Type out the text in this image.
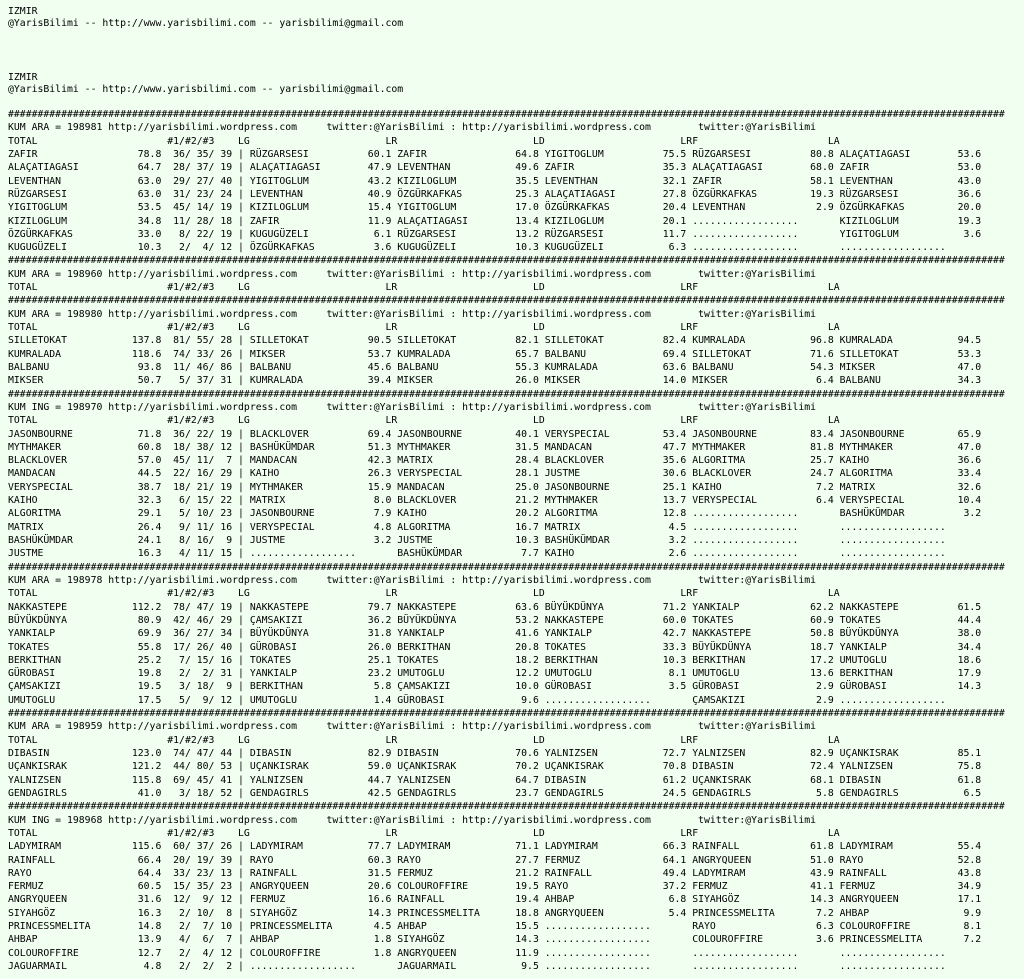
IZMIR
@YarisBilimi -- http://www.yarisbilimi.com -- yarisbilimi@gmail.com
IZMIR
@YarisBilimi -- http://www.yarisbilimi.com -- yarisbilimi@gmail.com
#########################################################################################################################################################################
KUM ARA = 198981 http://yarisbilimi.wordpress.com     twitter:@YarisBilimi : http://yarisbilimi.wordpress.com        twitter:@YarisBilimi
TOTAL                      #1/#2/#3    LG                       LR                       LD                       LRF                      LA
ZAFIR                 78.8  36/ 35/ 39 | RÜZGARSESI          60.1 ZAFIR               64.8 YIGITOGLUM          75.5 RÜZGARSESI          80.8 ALAÇATIAGASI        53.6
ALAÇATIAGASI          64.7  28/ 37/ 19 | ALAÇATIAGASI        47.9 LEVENTHAN           49.6 ZAFIR               35.3 ALAÇATIAGASI        68.0 ZAFIR               53.0
LEVENTHAN             63.0  29/ 27/ 40 | YIGITOGLUM          43.2 KIZILOGLUM          35.5 LEVENTHAN           32.1 ZAFIR               58.1 LEVENTHAN           43.0
RÜZGARSESI            63.0  31/ 23/ 24 | LEVENTHAN           40.9 ÖZGÜRKAFKAS         25.3 ALAÇATIAGASI        27.8 ÖZGÜRKAFKAS         19.3 RÜZGARSESI          36.6
YIGITOGLUM            53.5  45/ 14/ 19 | KIZILOGLUM          15.4 YIGITOGLUM          17.0 ÖZGÜRKAFKAS         20.4 LEVENTHAN            2.9 ÖZGÜRKAFKAS         20.0
KIZILOGLUM            34.8  11/ 28/ 18 | ZAFIR               11.9 ALAÇATIAGASI        13.4 KIZILOGLUM          20.1 ..................       KIZILOGLUM          19.3
ÖZGÜRKAFKAS           33.0   8/ 22/ 19 | KUGUGÜZELI           6.1 RÜZGARSESI          13.2 RÜZGARSESI          11.7 ..................       YIGITOGLUM           3.6
KUGUGÜZELI            10.3   2/  4/ 12 | ÖZGÜRKAFKAS          3.6 KUGUGÜZELI          10.3 KUGUGÜZELI           6.3 ..................       ..................
#########################################################################################################################################################################
KUM ARA = 198960 http://yarisbilimi.wordpress.com     twitter:@YarisBilimi : http://yarisbilimi.wordpress.com        twitter:@YarisBilimi
TOTAL                      #1/#2/#3    LG                       LR                       LD                       LRF                      LA
#########################################################################################################################################################################
KUM ARA = 198980 http://yarisbilimi.wordpress.com     twitter:@YarisBilimi : http://yarisbilimi.wordpress.com        twitter:@YarisBilimi
TOTAL                      #1/#2/#3    LG                       LR                       LD                       LRF                      LA
SILLETOKAT           137.8  81/ 55/ 28 | SILLETOKAT          90.5 SILLETOKAT          82.1 SILLETOKAT          82.4 KUMRALADA           96.8 KUMRALADA           94.5
KUMRALADA            118.6  74/ 33/ 26 | MIKSER              53.7 KUMRALADA           65.7 BALBANU             69.4 SILLETOKAT          71.6 SILLETOKAT          53.3
BALBANU               93.8  11/ 46/ 86 | BALBANU             45.6 BALBANU             55.3 KUMRALADA           63.6 BALBANU             54.3 MIKSER              47.0
MIKSER                50.7   5/ 37/ 31 | KUMRALADA           39.4 MIKSER              26.0 MIKSER              14.0 MIKSER               6.4 BALBANU             34.3
#########################################################################################################################################################################
KUM ING = 198970 http://yarisbilimi.wordpress.com     twitter:@YarisBilimi : http://yarisbilimi.wordpress.com        twitter:@YarisBilimi
TOTAL                      #1/#2/#3    LG                       LR                       LD                       LRF                      LA
JASONBOURNE           71.8  36/ 22/ 19 | BLACKLOVER          69.4 JASONBOURNE         40.1 VERYSPECIAL         53.4 JASONBOURNE         83.4 JASONBOURNE         65.9
MYTHMAKER             60.8  18/ 38/ 12 | BASHÜKÜMDAR         51.3 MYTHMAKER           31.5 MANDACAN            47.7 MYTHMAKER           81.8 MYTHMAKER           47.0
BLACKLOVER            57.0  45/ 11/  7 | MANDACAN            42.3 MATRIX              28.4 BLACKLOVER          35.6 ALGORITMA           25.7 KAIHO               36.6
MANDACAN              44.5  22/ 16/ 29 | KAIHO               26.3 VERYSPECIAL         28.1 JUSTME              30.6 BLACKLOVER          24.7 ALGORITMA           33.4
VERYSPECIAL           38.7  18/ 21/ 19 | MYTHMAKER           15.9 MANDACAN            25.0 JASONBOURNE         25.1 KAIHO                7.2 MATRIX              32.6
KAIHO                 32.3   6/ 15/ 22 | MATRIX               8.0 BLACKLOVER          21.2 MYTHMAKER           13.7 VERYSPECIAL          6.4 VERYSPECIAL         10.4
ALGORITMA             29.1   5/ 10/ 23 | JASONBOURNE          7.9 KAIHO               20.2 ALGORITMA           12.8 ..................       BASHÜKÜMDAR          3.2
MATRIX                26.4   9/ 11/ 16 | VERYSPECIAL          4.8 ALGORITMA           16.7 MATRIX               4.5 ..................       ..................
BASHÜKÜMDAR           24.1   8/ 16/  9 | JUSTME               3.2 JUSTME              10.3 BASHÜKÜMDAR          3.2 ..................       ..................
JUSTME                16.3   4/ 11/ 15 | ..................       BASHÜKÜMDAR          7.7 KAIHO                2.6 ..................       ..................
#########################################################################################################################################################################
KUM ARA = 198978 http://yarisbilimi.wordpress.com     twitter:@YarisBilimi : http://yarisbilimi.wordpress.com        twitter:@YarisBilimi
TOTAL                      #1/#2/#3    LG                       LR                       LD                       LRF                      LA
NAKKASTEPE           112.2  78/ 47/ 19 | NAKKASTEPE          79.7 NAKKASTEPE          63.6 BÜYÜKDÜNYA          71.2 YANKIALP            62.2 NAKKASTEPE          61.5
BÜYÜKDÜNYA            80.9  42/ 46/ 29 | ÇAMSAKIZI           36.2 BÜYÜKDÜNYA          53.2 NAKKASTEPE          60.0 TOKATES             60.9 TOKATES             44.4
YANKIALP              69.9  36/ 27/ 34 | BÜYÜKDÜNYA          31.8 YANKIALP            41.6 YANKIALP            42.7 NAKKASTEPE          50.8 BÜYÜKDÜNYA          38.0
TOKATES               55.8  17/ 26/ 40 | GÜROBASI            26.0 BERKITHAN           20.8 TOKATES             33.3 BÜYÜKDÜNYA          18.7 YANKIALP            34.4
BERKITHAN             25.2   7/ 15/ 16 | TOKATES             25.1 TOKATES             18.2 BERKITHAN           10.3 BERKITHAN           17.2 UMUTOGLU            18.6
GÜROBASI              19.8   2/  2/ 31 | YANKIALP            23.2 UMUTOGLU            12.2 UMUTOGLU             8.1 UMUTOGLU            13.6 BERKITHAN           17.9
ÇAMSAKIZI             19.5   3/ 18/  9 | BERKITHAN            5.8 ÇAMSAKIZI           10.0 GÜROBASI             3.5 GÜROBASI             2.9 GÜROBASI            14.3
UMUTOGLU              17.5   5/  9/ 12 | UMUTOGLU             1.4 GÜROBASI             9.6 ..................       ÇAMSAKIZI            2.9 ..................
#########################################################################################################################################################################
KUM ARA = 198959 http://yarisbilimi.wordpress.com     twitter:@YarisBilimi : http://yarisbilimi.wordpress.com        twitter:@YarisBilimi
TOTAL                      #1/#2/#3    LG                       LR                       LD                       LRF                      LA
DIBASIN              123.0  74/ 47/ 44 | DIBASIN             82.9 DIBASIN             70.6 YALNIZSEN           72.7 YALNIZSEN           82.9 UÇANKISRAK          85.1
UÇANKISRAK           121.2  44/ 80/ 53 | UÇANKISRAK          59.0 UÇANKISRAK          70.2 UÇANKISRAK          70.8 DIBASIN             72.4 YALNIZSEN           75.8
YALNIZSEN            115.8  69/ 45/ 41 | YALNIZSEN           44.7 YALNIZSEN           64.7 DIBASIN             61.2 UÇANKISRAK          68.1 DIBASIN             61.8
GENDAGIRLS            41.0   3/ 18/ 52 | GENDAGIRLS          42.5 GENDAGIRLS          23.7 GENDAGIRLS          24.5 GENDAGIRLS           5.8 GENDAGIRLS           6.5
#########################################################################################################################################################################
KUM ING = 198968 http://yarisbilimi.wordpress.com     twitter:@YarisBilimi : http://yarisbilimi.wordpress.com        twitter:@YarisBilimi
TOTAL                      #1/#2/#3    LG                       LR                       LD                       LRF                      LA
LADYMIRAM            115.6  60/ 37/ 26 | LADYMIRAM           77.7 LADYMIRAM           71.1 LADYMIRAM           66.3 RAINFALL            61.8 LADYMIRAM           55.4
RAINFALL              66.4  20/ 19/ 39 | RAYO                60.3 RAYO                27.7 FERMUZ              64.1 ANGRYQUEEN          51.0 RAYO                52.8
RAYO                  64.4  33/ 23/ 13 | RAINFALL            31.5 FERMUZ              21.2 RAINFALL            49.4 LADYMIRAM           43.9 RAINFALL            43.8
FERMUZ                60.5  15/ 35/ 23 | ANGRYQUEEN          20.6 COLOUROFFIRE        19.5 RAYO                37.2 FERMUZ              41.1 FERMUZ              34.9
ANGRYQUEEN            31.6  12/  9/ 12 | FERMUZ              16.6 RAINFALL            19.4 AHBAP                6.8 SIYAHGÖZ            14.3 ANGRYQUEEN          17.1
SIYAHGÖZ              16.3   2/ 10/  8 | SIYAHGÖZ            14.3 PRINCESSMELITA      18.8 ANGRYQUEEN           5.4 PRINCESSMELITA       7.2 AHBAP                9.9
PRINCESSMELITA        14.8   2/  7/ 10 | PRINCESSMELITA       4.5 AHBAP               15.5 ..................       RAYO                 6.3 COLOUROFFIRE         8.1
AHBAP                 13.9   4/  6/  7 | AHBAP                1.8 SIYAHGÖZ            14.3 ..................       COLOUROFFIRE         3.6 PRINCESSMELITA       7.2
COLOUROFFIRE          12.7   2/  4/ 12 | COLOUROFFIRE         1.8 ANGRYQUEEN          11.9 ..................       ..................       ..................
JAGUARMAIL             4.8   2/  2/  2 | ..................       JAGUARMAIL           9.5 ..................       ..................       ..................
